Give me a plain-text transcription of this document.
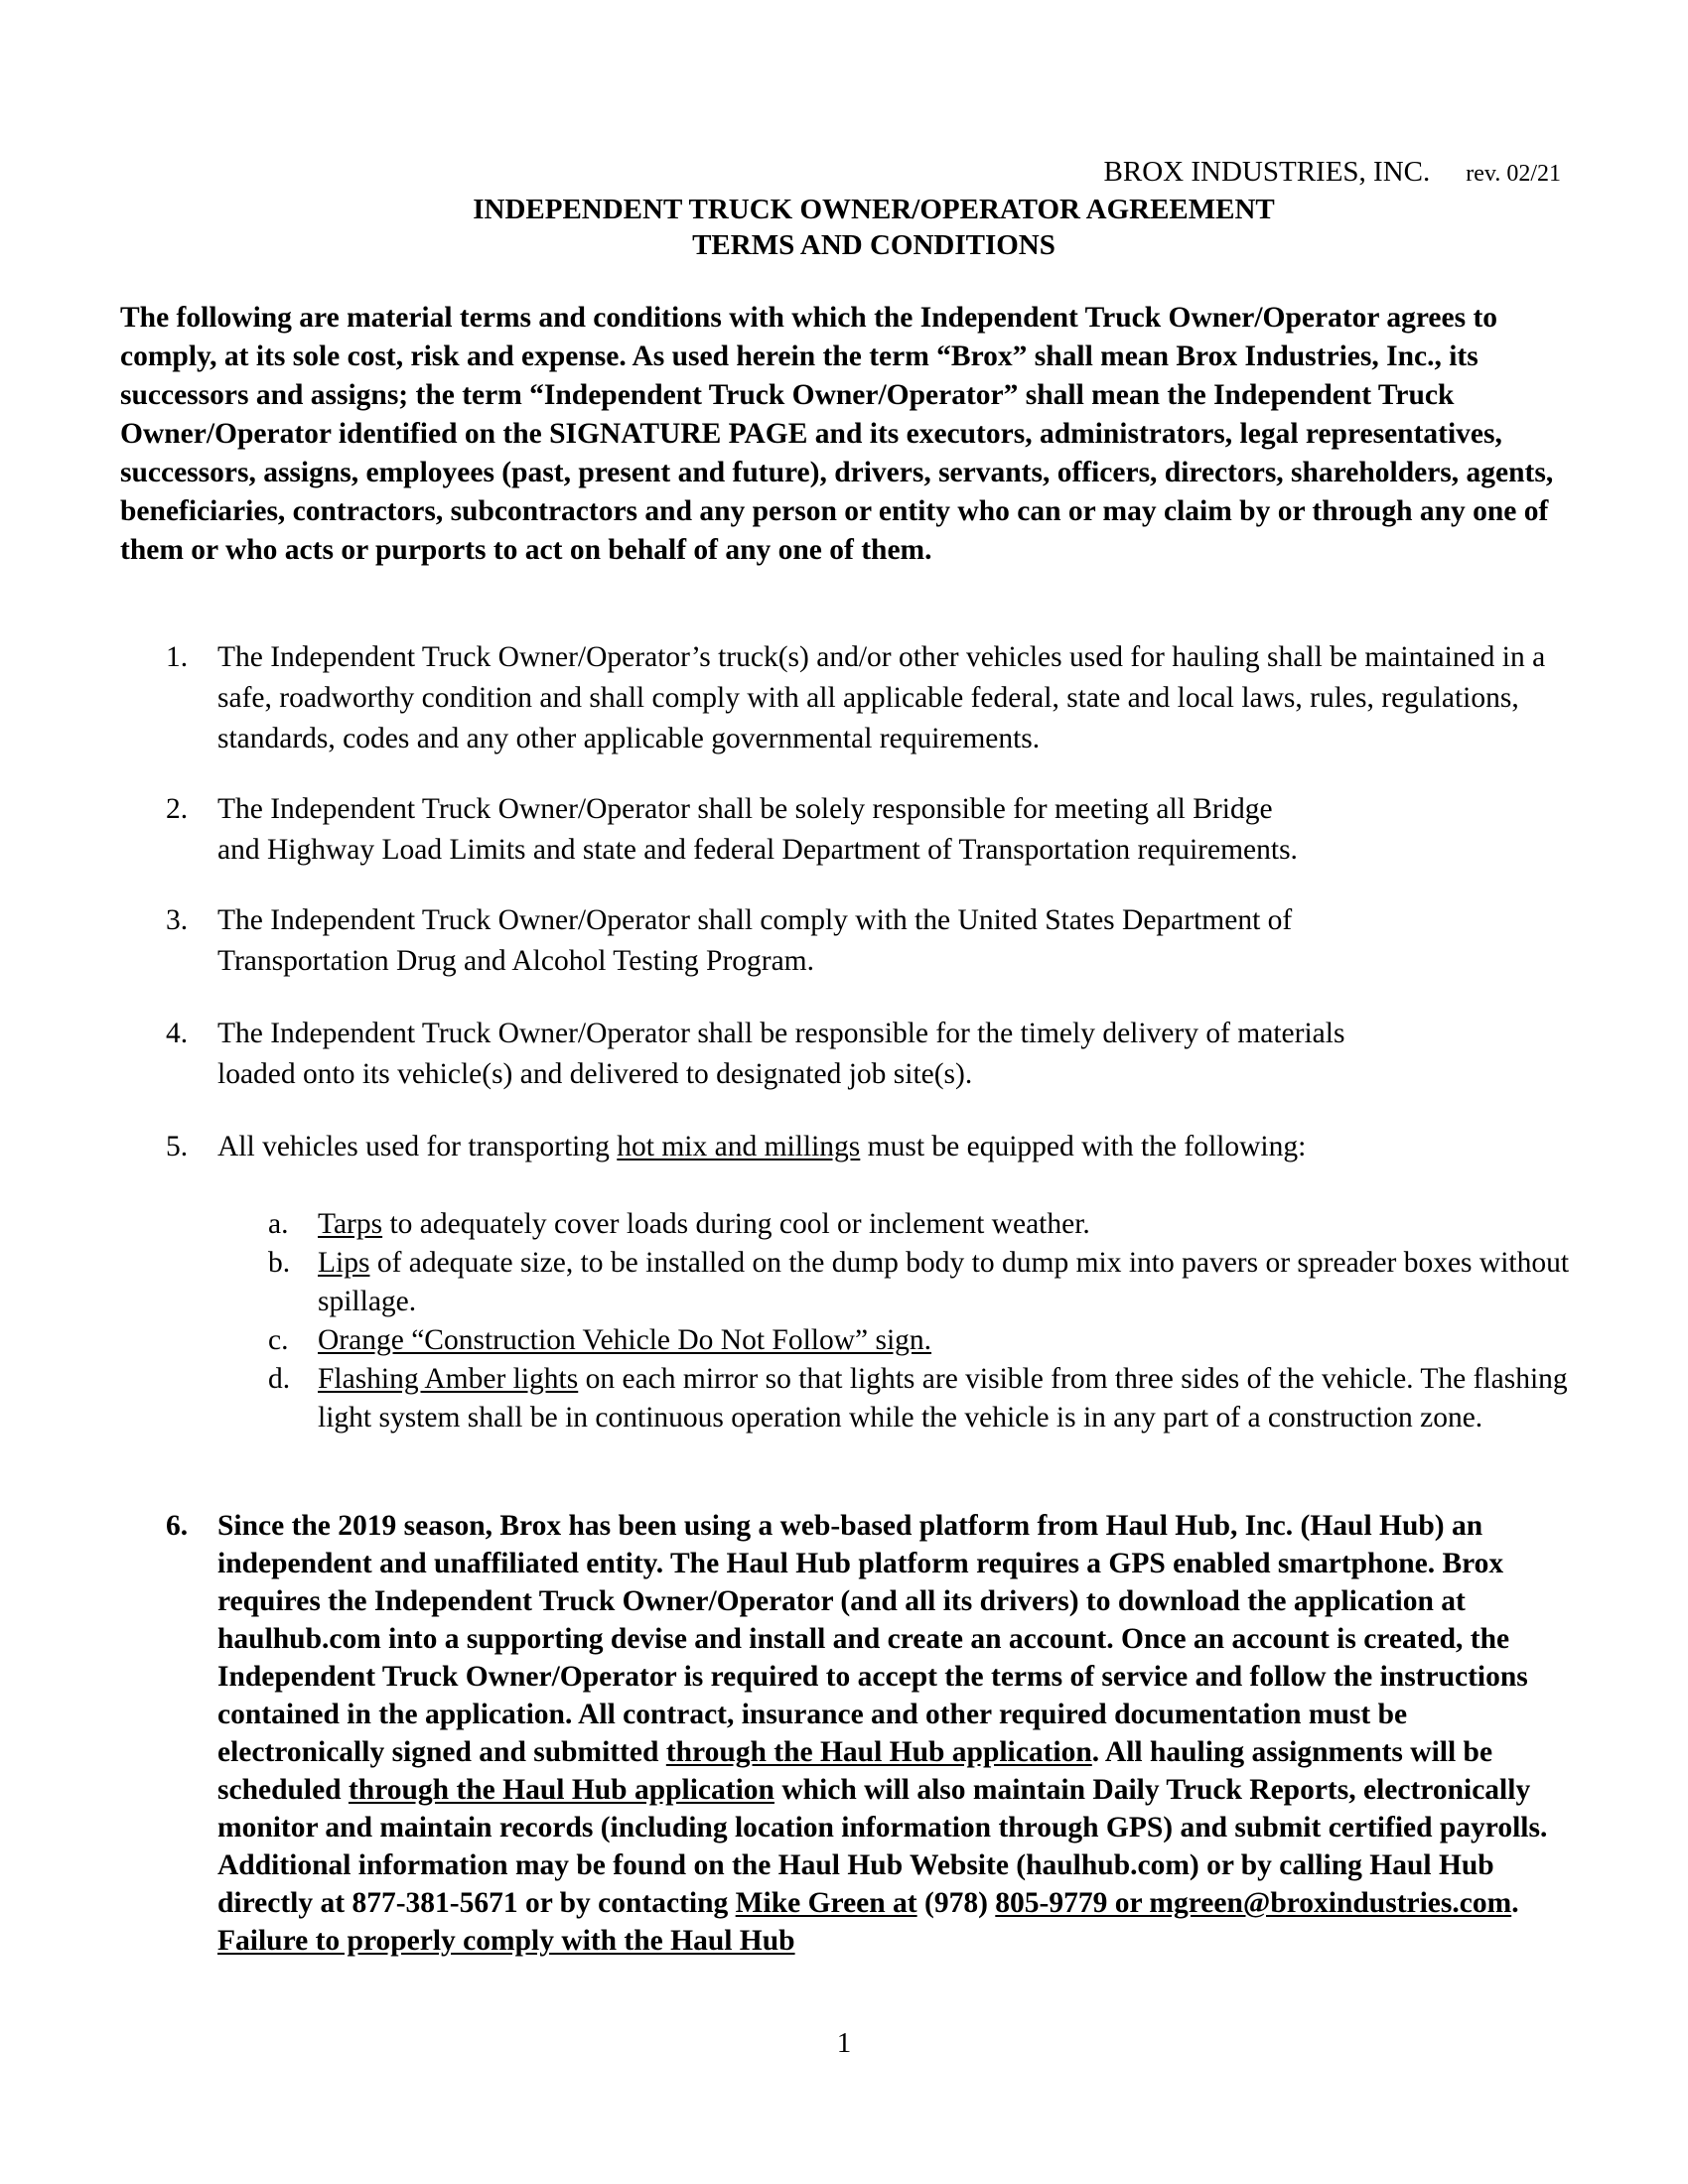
BROX INDUSTRIES, INC. rev. 02/21
INDEPENDENT TRUCK OWNER/OPERATOR AGREEMENT
TERMS AND CONDITIONS
The following are material terms and conditions with which the Independent Truck Owner/Operator agrees to comply, at its sole cost, risk and expense. As used herein the term “Brox” shall mean Brox Industries, Inc., its successors and assigns; the term “Independent Truck Owner/Operator” shall mean the Independent Truck Owner/Operator identified on the SIGNATURE PAGE and its executors, administrators, legal representatives, successors, assigns, employees (past, present and future), drivers, servants, officers, directors, shareholders, agents, beneficiaries, contractors, subcontractors and any person or entity who can or may claim by or through any one of them or who acts or purports to act on behalf of any one of them.
1. The Independent Truck Owner/Operator’s truck(s) and/or other vehicles used for hauling shall be maintained in a safe, roadworthy condition and shall comply with all applicable federal, state and local laws, rules, regulations, standards, codes and any other applicable governmental requirements.
2. The Independent Truck Owner/Operator shall be solely responsible for meeting all Bridge
and Highway Load Limits and state and federal Department of Transportation requirements.
3. The Independent Truck Owner/Operator shall comply with the United States Department of
Transportation Drug and Alcohol Testing Program.
4. The Independent Truck Owner/Operator shall be responsible for the timely delivery of materials
loaded onto its vehicle(s) and delivered to designated job site(s).
5. All vehicles used for transporting hot mix and millings must be equipped with the following:
a. Tarps to adequately cover loads during cool or inclement weather.
b. Lips of adequate size, to be installed on the dump body to dump mix into pavers or spreader boxes without spillage.
c. Orange “Construction Vehicle Do Not Follow” sign.
d. Flashing Amber lights on each mirror so that lights are visible from three sides of the vehicle. The flashing light system shall be in continuous operation while the vehicle is in any part of a construction zone.
6. Since the 2019 season, Brox has been using a web-based platform from Haul Hub, Inc. (Haul Hub) an independent and unaffiliated entity. The Haul Hub platform requires a GPS enabled smartphone. Brox requires the Independent Truck Owner/Operator (and all its drivers) to download the application at haulhub.com into a supporting devise and install and create an account. Once an account is created, the Independent Truck Owner/Operator is required to accept the terms of service and follow the instructions contained in the application. All contract, insurance and other required documentation must be electronically signed and submitted through the Haul Hub application. All hauling assignments will be scheduled through the Haul Hub application which will also maintain Daily Truck Reports, electronically monitor and maintain records (including location information through GPS) and submit certified payrolls. Additional information may be found on the Haul Hub Website (haulhub.com) or by calling Haul Hub directly at 877-381-5671 or by contacting Mike Green at (978) 805-9779 or mgreen@broxindustries.com. Failure to properly comply with the Haul Hub
1
